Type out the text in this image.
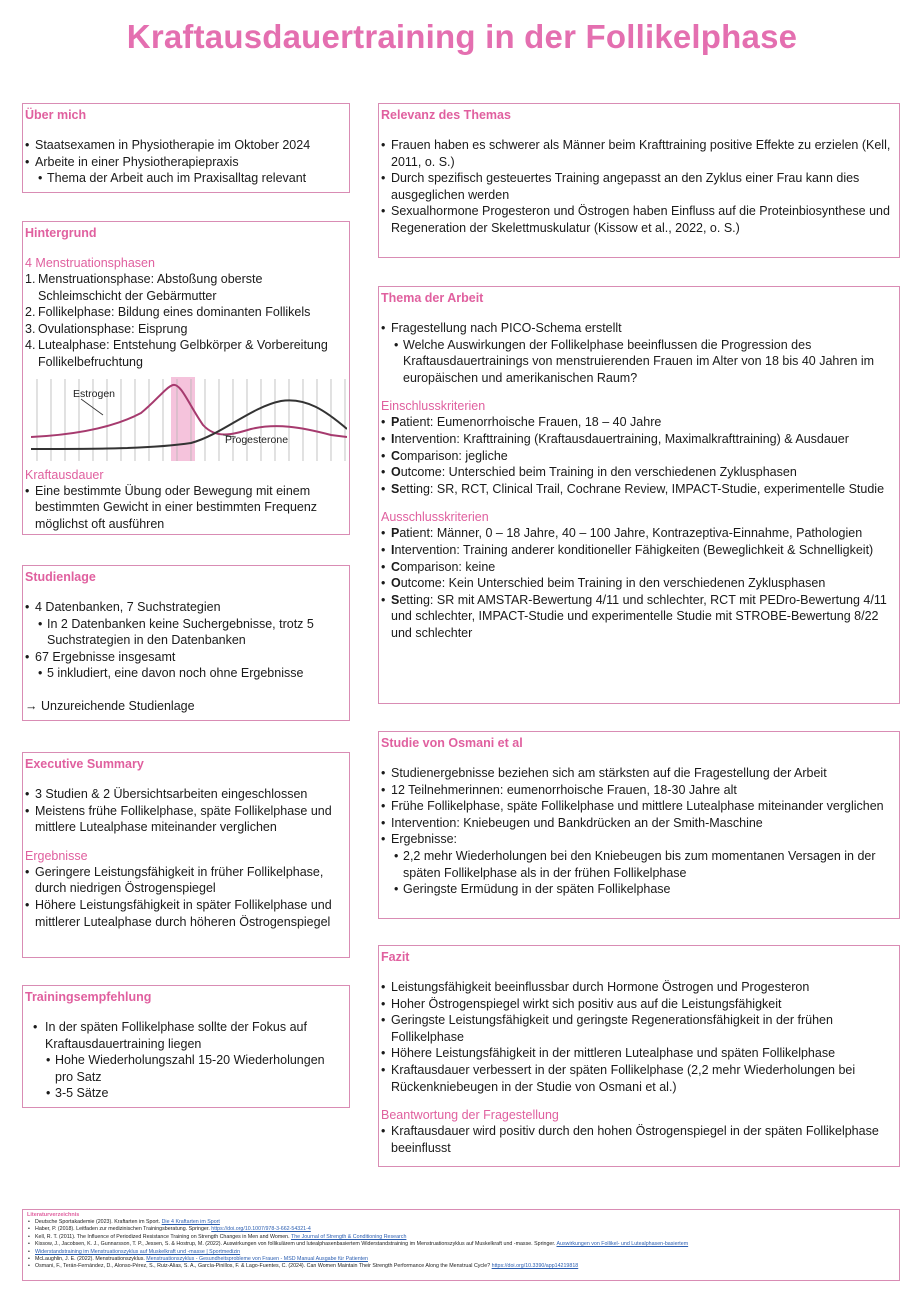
Kraftausdauertraining in der Follikelphase
Über mich
• Staatsexamen in Physiotherapie im Oktober 2024
• Arbeite in einer Physiotherapiepraxis
• Thema der Arbeit auch im Praxisalltag relevant
Hintergrund
4 Menstruationsphasen
1. Menstruationsphase: Abstoßung oberste Schleimschicht der Gebärmutter
2. Follikelphase: Bildung eines dominanten Follikels
3. Ovulationsphase: Eisprung
4. Lutealphase: Entstehung Gelbkörper & Vorbereitung Follikelbefruchtung
Estrogen
Progesterone
Kraftausdauer
• Eine bestimmte Übung oder Bewegung mit einem bestimmten Gewicht in einer bestimmten Frequenz möglichst oft ausführen
Studienlage
• 4 Datenbanken, 7 Suchstrategien
• In 2 Datenbanken keine Suchergebnisse, trotz 5 Suchstrategien in den Datenbanken
• 67 Ergebnisse insgesamt
• 5 inkludiert, eine davon noch ohne Ergebnisse
→ Unzureichende Studienlage
Executive Summary
• 3 Studien & 2 Übersichtsarbeiten eingeschlossen
• Meistens frühe Follikelphase, späte Follikelphase und mittlere Lutealphase miteinander verglichen
Ergebnisse
• Geringere Leistungsfähigkeit in früher Follikelphase, durch niedrigen Östrogenspiegel
• Höhere Leistungsfähigkeit in später Follikelphase und mittlerer Lutealphase durch höheren Östrogenspiegel
Trainingsempfehlung
• In der späten Follikelphase sollte der Fokus auf Kraftausdauertraining liegen
• Hohe Wiederholungszahl 15-20 Wiederholungen pro Satz
• 3-5 Sätze
Relevanz des Themas
• Frauen haben es schwerer als Männer beim Krafttraining positive Effekte zu erzielen (Kell, 2011, o. S.)
• Durch spezifisch gesteuertes Training angepasst an den Zyklus einer Frau kann dies ausgeglichen werden
• Sexualhormone Progesteron und Östrogen haben Einfluss auf die Proteinbiosynthese und Regeneration der Skelettmuskulatur (Kissow et al., 2022, o. S.)
Thema der Arbeit
• Fragestellung nach PICO-Schema erstellt
• Welche Auswirkungen der Follikelphase beeinflussen die Progression des Kraftausdauertrainings von menstruierenden Frauen im Alter von 18 bis 40 Jahren im europäischen und amerikanischen Raum?
Einschlusskriterien
• Patient: Eumenorrhoische Frauen, 18 – 40 Jahre
• Intervention: Krafttraining (Kraftausdauertraining, Maximalkrafttraining) & Ausdauer
• Comparison: jegliche
• Outcome: Unterschied beim Training in den verschiedenen Zyklusphasen
• Setting: SR, RCT, Clinical Trail, Cochrane Review, IMPACT-Studie, experimentelle Studie
Ausschlusskriterien
• Patient: Männer, 0 – 18 Jahre, 40 – 100 Jahre, Kontrazeptiva-Einnahme, Pathologien
• Intervention: Training anderer konditioneller Fähigkeiten (Beweglichkeit & Schnelligkeit)
• Comparison: keine
• Outcome: Kein Unterschied beim Training in den verschiedenen Zyklusphasen
• Setting: SR mit AMSTAR-Bewertung 4/11 und schlechter, RCT mit PEDro-Bewertung 4/11 und schlechter, IMPACT-Studie und experimentelle Studie mit STROBE-Bewertung 8/22 und schlechter
Studie von Osmani et al
• Studienergebnisse beziehen sich am stärksten auf die Fragestellung der Arbeit
• 12 Teilnehmerinnen: eumenorrhoische Frauen, 18-30 Jahre alt
• Frühe Follikelphase, späte Follikelphase und mittlere Lutealphase miteinander verglichen
• Intervention: Kniebeugen und Bankdrücken an der Smith-Maschine
• Ergebnisse:
• 2,2 mehr Wiederholungen bei den Kniebeugen bis zum momentanen Versagen in der späten Follikelphase als in der frühen Follikelphase
• Geringste Ermüdung in der späten Follikelphase
Fazit
• Leistungsfähigkeit beeinflussbar durch Hormone Östrogen und Progesteron
• Hoher Östrogenspiegel wirkt sich positiv aus auf die Leistungsfähigkeit
• Geringste Leistungsfähigkeit und geringste Regenerationsfähigkeit in der frühen Follikelphase
• Höhere Leistungsfähigkeit in der mittleren Lutealphase und späten Follikelphase
• Kraftausdauer verbessert in der späten Follikelphase (2,2 mehr Wiederholungen bei Rückenkniebeugen in der Studie von Osmani et al.)
Beantwortung der Fragestellung
• Kraftausdauer wird positiv durch den hohen Östrogenspiegel in der späten Follikelphase beeinflusst
Literaturverzeichnis
• Deutsche Sportakademie (2023). Kraftarten im Sport. Die 4 Kraftarten im Sport
• Haber, P. (2018). Leitfaden zur medizinischen Trainingsberatung. Springer. https://doi.org/10.1007/978-3-662-54321-4
• Kell, R. T. (2011). The Influence of Periodized Resistance Training on Strength Changes in Men and Women. The Journal of Strength & Conditioning Research
• Kissow, J., Jacobsen, K. J., Gunnarsson, T. P., Jessen, S. & Hostrup, M. (2022). Auswirkungen von follikulärem und lutealphasenbasiertem Widerstandstraining im Menstruationszyklus auf Muskelkraft und -masse. Springer. Auswirkungen von Follikel- und Lutealphasen-basiertem
• Widerstandstraining im Menstruationszyklus auf Muskelkraft und -masse | Sportmedizin
• McLaughlin, J. E. (2022). Menstruationszyklus. Menstruationszyklus - Gesundheitsprobleme von Frauen - MSD Manual Ausgabe für Patienten
• Osmani, F., Terán-Fernández, D., Alonso-Pérez, S., Ruiz-Alias, S. A., García-Pinillos, F. & Lago-Fuentes, C. (2024). Can Women Maintain Their Strength Performance Along the Menstrual Cycle? https://doi.org/10.3390/app14219818
